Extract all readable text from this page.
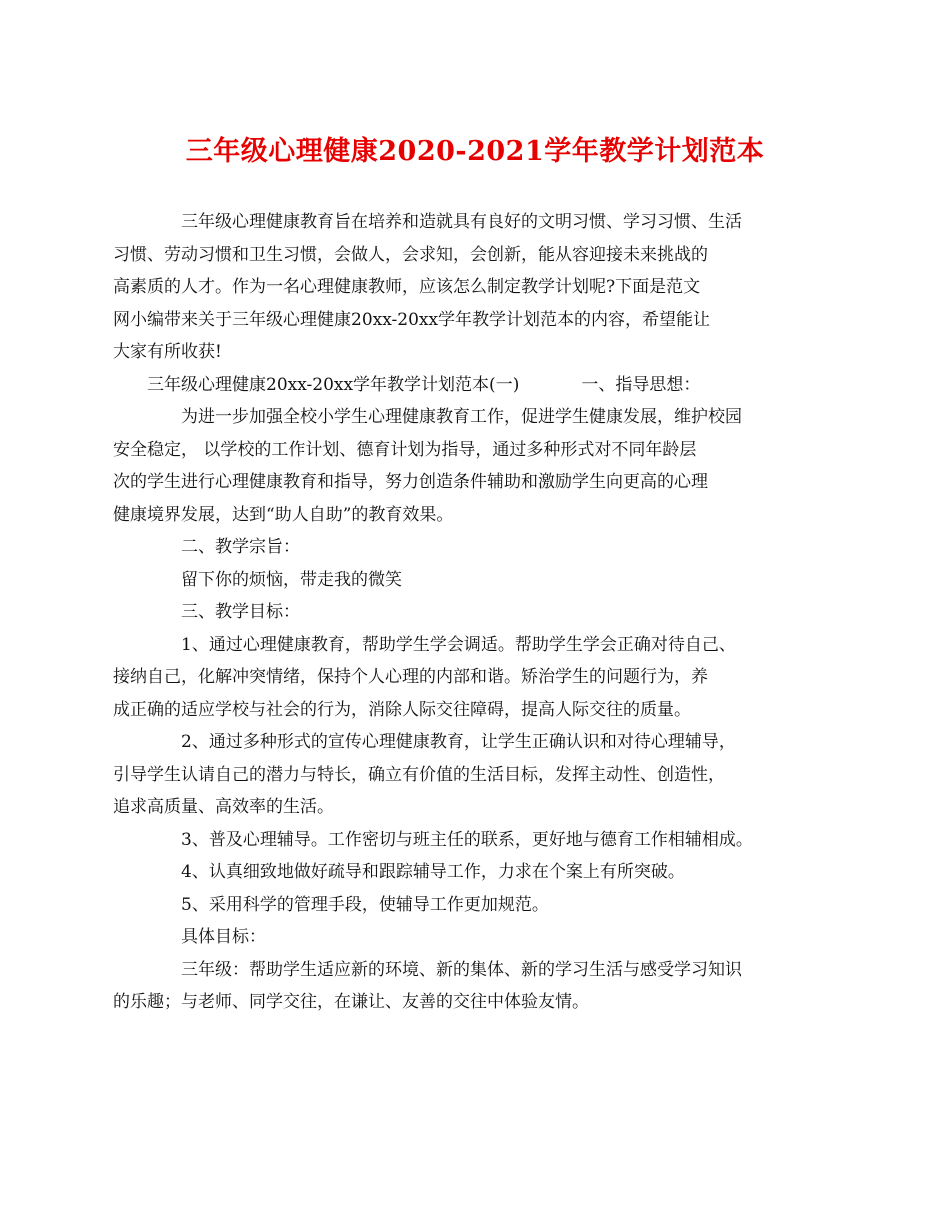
三年级心理健康2020-2021学年教学计划范本

三年级心理健康教育旨在培养和造就具有良好的文明习惯、学习习惯、生活
习惯、劳动习惯和卫生习惯，会做人，会求知，会创新，能从容迎接未来挑战的
高素质的人才。作为一名心理健康教师，应该怎么制定教学计划呢?下面是范文
网小编带来关于三年级心理健康20xx-20xx学年教学计划范本的内容，希望能让
大家有所收获!

三年级心理健康20xx-20xx学年教学计划范本(一)	一、指导思想：

为进一步加强全校小学生心理健康教育工作，促进学生健康发展，维护校园
安全稳定， 以学校的工作计划、德育计划为指导，通过多种形式对不同年龄层
次的学生进行心理健康教育和指导，努力创造条件辅助和激励学生向更高的心理
健康境界发展，达到“助人自助”的教育效果。

二、教学宗旨：

留下你的烦恼，带走我的微笑

三、教学目标：

1、通过心理健康教育，帮助学生学会调适。帮助学生学会正确对待自己、
接纳自己，化解冲突情绪，保持个人心理的内部和谐。矫治学生的问题行为，养
成正确的适应学校与社会的行为，消除人际交往障碍，提高人际交往的质量。

2、通过多种形式的宣传心理健康教育，让学生正确认识和对待心理辅导，
引导学生认请自己的潜力与特长，确立有价值的生活目标，发挥主动性、创造性，
追求高质量、高效率的生活。

3、普及心理辅导。工作密切与班主任的联系，更好地与德育工作相辅相成。

4、认真细致地做好疏导和跟踪辅导工作，力求在个案上有所突破。

5、采用科学的管理手段，使辅导工作更加规范。

具体目标：

三年级：帮助学生适应新的环境、新的集体、新的学习生活与感受学习知识
的乐趣；与老师、同学交往，在谦让、友善的交往中体验友情。
